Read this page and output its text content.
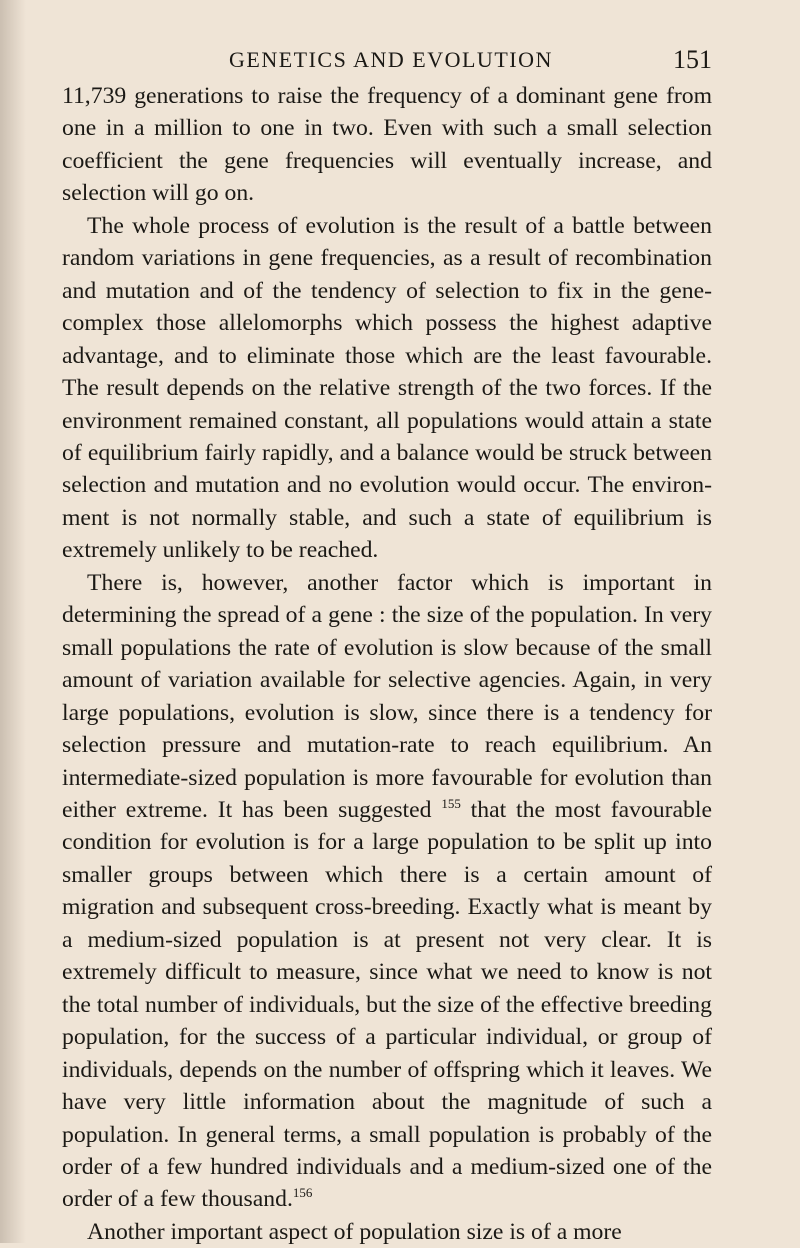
GENETICS AND EVOLUTION	151

11,739 generations to raise the frequency of a dominant gene from one in a million to one in two. Even with such a small selection coefficient the gene frequencies will eventually increase, and selection will go on.

The whole process of evolution is the result of a battle between random variations in gene frequencies, as a result of recombination and mutation and of the tendency of selection to fix in the gene-complex those allelomorphs which possess the highest adaptive advantage, and to eliminate those which are the least favourable. The result depends on the relative strength of the two forces. If the environment remained constant, all populations would attain a state of equilibrium fairly rapidly, and a balance would be struck between selection and mutation and no evolution would occur. The environ-ment is not normally stable, and such a state of equilibrium is extremely unlikely to be reached.

There is, however, another factor which is important in determining the spread of a gene : the size of the population. In very small populations the rate of evolution is slow because of the small amount of variation available for selective agencies. Again, in very large populations, evolution is slow, since there is a tendency for selection pressure and mutation-rate to reach equilibrium. An intermediate-sized population is more favourable for evolution than either extreme. It has been suggested $^{155}$ that the most favourable condition for evolution is for a large population to be split up into smaller groups between which there is a certain amount of migration and subsequent cross-breeding. Exactly what is meant by a medium-sized population is at present not very clear. It is extremely difficult to measure, since what we need to know is not the total number of individuals, but the size of the effective breeding population, for the success of a particular individual, or group of individuals, depends on the number of offspring which it leaves. We have very little information about the magnitude of such a population. In general terms, a small population is probably of the order of a few hundred individuals and a medium-sized one of the order of a few thousand.$^{156}$

Another important aspect of population size is of a more
